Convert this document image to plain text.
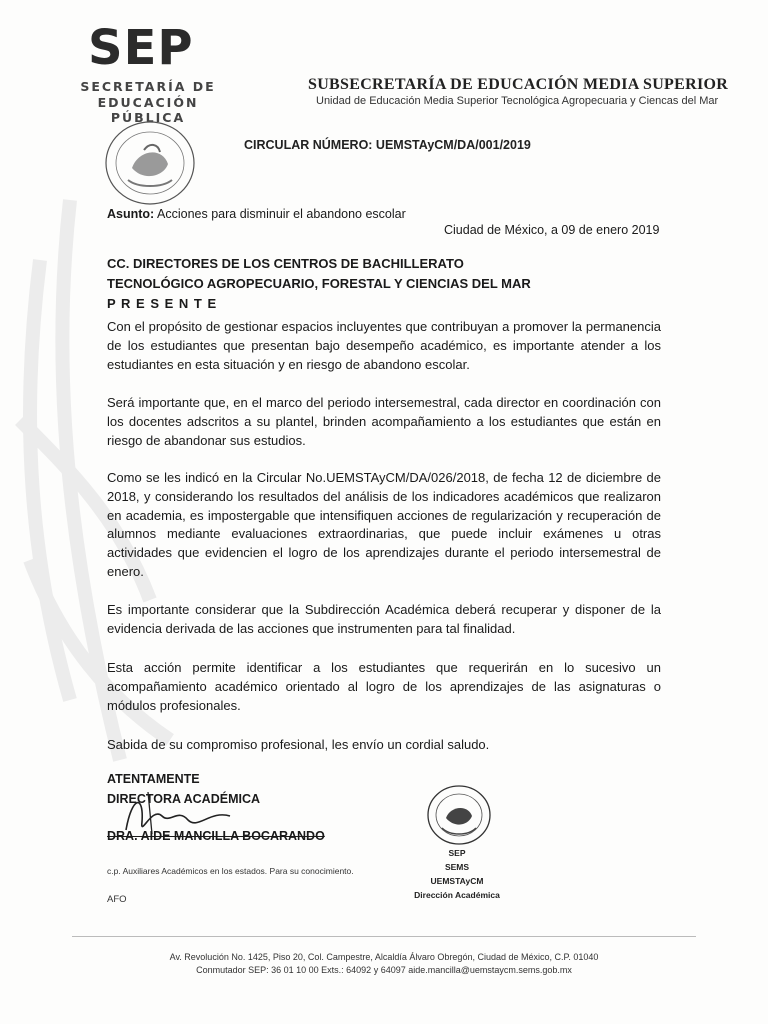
SEP
SECRETARÍA DE
EDUCACIÓN PÚBLICA
SUBSECRETARÍA DE EDUCACIÓN MEDIA SUPERIOR
Unidad de Educación Media Superior Tecnológica Agropecuaria y Ciencas del Mar
CIRCULAR NÚMERO: UEMSTAyCM/DA/001/2019
Asunto: Acciones para disminuir el abandono escolar
Ciudad de México, a 09 de enero 2019
CC. DIRECTORES DE LOS CENTROS DE BACHILLERATO
TECNOLÓGICO AGROPECUARIO, FORESTAL Y CIENCIAS DEL MAR
P R E S E N T E
Con el propósito de gestionar espacios incluyentes que contribuyan a promover la permanencia de los estudiantes que presentan bajo desempeño académico, es importante atender a los estudiantes en esta situación y en riesgo de abandono escolar.
Será importante que, en el marco del periodo intersemestral, cada director en coordinación con los docentes adscritos a su plantel, brinden acompañamiento a los estudiantes que están en riesgo de abandonar sus estudios.
Como se les indicó en la Circular No.UEMSTAyCM/DA/026/2018, de fecha 12 de diciembre de 2018, y considerando los resultados del análisis de los indicadores académicos que realizaron en academia, es impostergable que intensifiquen acciones de regularización y recuperación de alumnos mediante evaluaciones extraordinarias, que puede incluir exámenes u otras actividades que evidencien el logro de los aprendizajes durante el periodo intersemestral de enero.
Es importante considerar que la Subdirección Académica deberá recuperar y disponer de la evidencia derivada de las acciones que instrumenten para tal finalidad.
Esta acción permite identificar a los estudiantes que requerirán en lo sucesivo un acompañamiento académico orientado al logro de los aprendizajes de las asignaturas o módulos profesionales.
Sabida de su compromiso profesional, les envío un cordial saludo.
ATENTAMENTE
DIRECTORA ACADÉMICA
DRA. AIDE MANCILLA BOCARANDO
c.p. Auxiliares Académicos en los estados. Para su conocimiento.
AFO
SEP
SEMS
UEMSTAyCM
Dirección Académica
Av. Revolución No. 1425, Piso 20, Col. Campestre, Alcaldía Álvaro Obregón, Ciudad de México, C.P. 01040
Conmutador SEP: 36 01 10 00 Exts.: 64092 y 64097 aide.mancilla@uemstaycm.sems.gob.mx
